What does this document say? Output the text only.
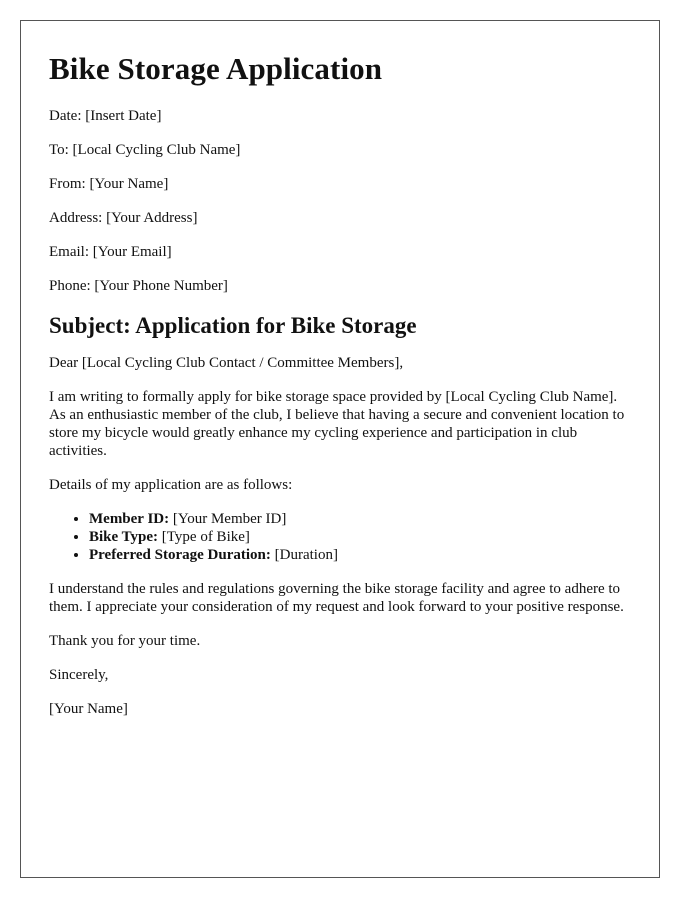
Bike Storage Application

Date: [Insert Date]

To: [Local Cycling Club Name]

From: [Your Name]

Address: [Your Address]

Email: [Your Email]

Phone: [Your Phone Number]

Subject: Application for Bike Storage

Dear [Local Cycling Club Contact / Committee Members],

I am writing to formally apply for bike storage space provided by [Local Cycling Club Name]. As an enthusiastic member of the club, I believe that having a secure and convenient location to store my bicycle would greatly enhance my cycling experience and participation in club activities.

Details of my application are as follows:

• Member ID: [Your Member ID]
• Bike Type: [Type of Bike]
• Preferred Storage Duration: [Duration]

I understand the rules and regulations governing the bike storage facility and agree to adhere to them. I appreciate your consideration of my request and look forward to your positive response.

Thank you for your time.

Sincerely,

[Your Name]
